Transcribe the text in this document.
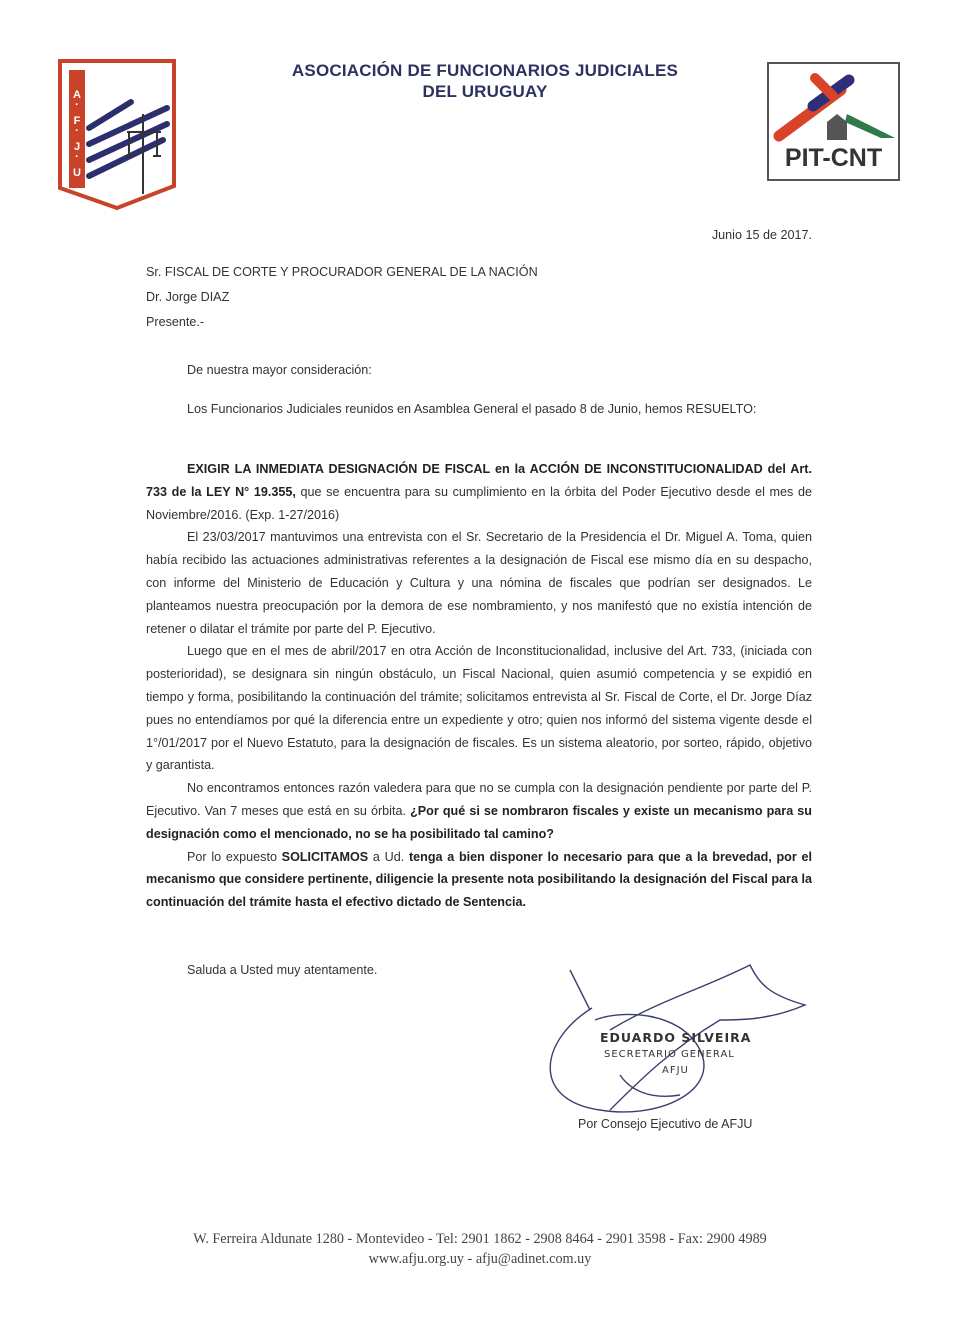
A
·
F
·
J
·
U
ASOCIACIÓN DE FUNCIONARIOS JUDICIALES
DEL URUGUAY
PIT-CNT
Junio 15 de 2017.
Sr. FISCAL DE CORTE Y PROCURADOR GENERAL DE LA NACIÓN
Dr. Jorge DIAZ
Presente.-
De nuestra mayor consideración:

Los Funcionarios Judiciales reunidos en Asamblea General el pasado 8 de Junio, hemos RESUELTO:

EXIGIR LA INMEDIATA DESIGNACIÓN DE FISCAL en la ACCIÓN DE INCONSTITUCIONALIDAD del Art. 733 de la LEY N° 19.355, que se encuentra para su cumplimiento en la órbita del Poder Ejecutivo desde el mes de Noviembre/2016. (Exp. 1-27/2016)

El 23/03/2017 mantuvimos una entrevista con el Sr. Secretario de la Presidencia el Dr. Miguel A. Toma, quien había recibido las actuaciones administrativas referentes a la designación de Fiscal ese mismo día en su despacho, con informe del Ministerio de Educación y Cultura y una nómina de fiscales que podrían ser designados. Le planteamos nuestra preocupación por la demora de ese nombramiento, y nos manifestó que no existía intención de retener o dilatar el trámite por parte del P. Ejecutivo.

Luego que en el mes de abril/2017 en otra Acción de Inconstitucionalidad, inclusive del Art. 733, (iniciada con posterioridad), se designara sin ningún obstáculo, un Fiscal Nacional, quien asumió competencia y se expidió en tiempo y forma, posibilitando la continuación del trámite; solicitamos entrevista al Sr. Fiscal de Corte, el Dr. Jorge Díaz pues no entendíamos por qué la diferencia entre un expediente y otro; quien nos informó del sistema vigente desde el 1°/01/2017 por el Nuevo Estatuto, para la designación de fiscales. Es un sistema aleatorio, por sorteo, rápido, objetivo y garantista.

No encontramos entonces razón valedera para que no se cumpla con la designación pendiente por parte del P. Ejecutivo. Van 7 meses que está en su órbita. ¿Por qué si se nombraron fiscales y existe un mecanismo para su designación como el mencionado, no se ha posibilitado tal camino?

Por lo expuesto SOLICITAMOS a Ud. tenga a bien disponer lo necesario para que a la brevedad, por el mecanismo que considere pertinente, diligencie la presente nota posibilitando la designación del Fiscal para la continuación del trámite hasta el efectivo dictado de Sentencia.

Saluda a Usted muy atentamente.
EDUARDO SILVEIRA
SECRETARIO GENERAL
AFJU
Por Consejo Ejecutivo de AFJU
W. Ferreira Aldunate 1280 - Montevideo - Tel: 2901 1862 - 2908 8464 - 2901 3598 - Fax: 2900 4989
www.afju.org.uy - afju@adinet.com.uy
